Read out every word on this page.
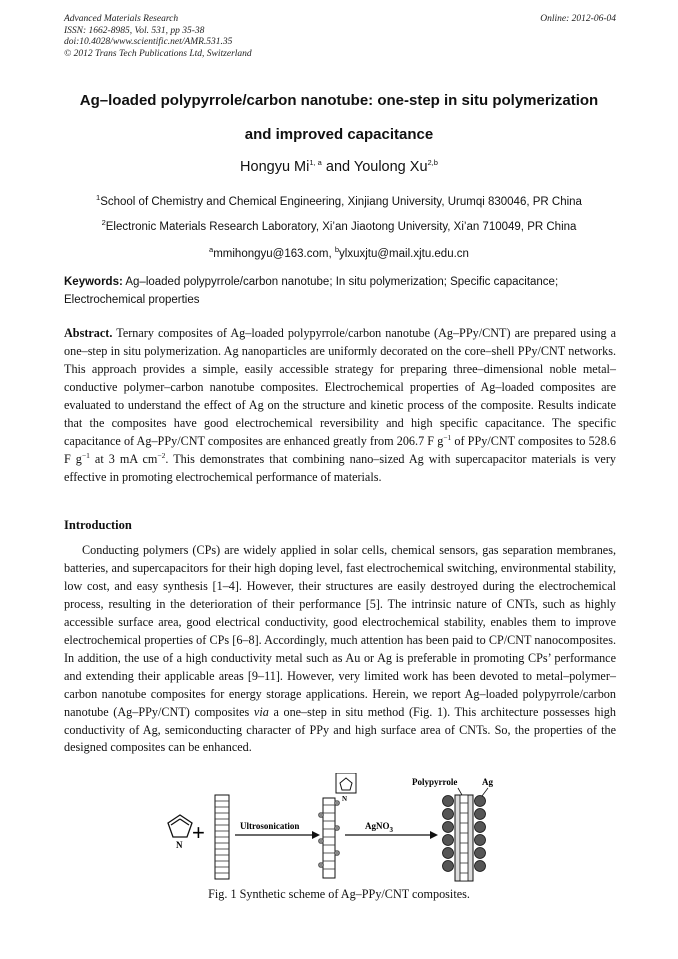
Advanced Materials Research
ISSN: 1662-8985, Vol. 531, pp 35-38
doi:10.4028/www.scientific.net/AMR.531.35
© 2012 Trans Tech Publications Ltd, Switzerland
Online: 2012-06-04
Ag–loaded polypyrrole/carbon nanotube: one-step in situ polymerization
and improved capacitance
Hongyu Mi$^{1, a}$ and Youlong Xu$^{2,b}$
$^1$School of Chemistry and Chemical Engineering, Xinjiang University, Urumqi 830046, PR China
$^2$Electronic Materials Research Laboratory, Xi’an Jiaotong University, Xi’an 710049, PR China
$^a$mmihongyu@163.com, $^b$ylxuxjtu@mail.xjtu.edu.cn
Keywords: Ag–loaded polypyrrole/carbon nanotube; In situ polymerization; Specific capacitance; Electrochemical properties
Abstract. Ternary composites of Ag–loaded polypyrrole/carbon nanotube (Ag–PPy/CNT) are prepared using a one–step in situ polymerization. Ag nanoparticles are uniformly decorated on the core–shell PPy/CNT networks. This approach provides a simple, easily accessible strategy for preparing three–dimensional noble metal–conductive polymer–carbon nanotube composites. Electrochemical properties of Ag–loaded composites are evaluated to understand the effect of Ag on the structure and kinetic process of the composite. Results indicate that the composites have good electrochemical reversibility and high specific capacitance. The specific capacitance of Ag–PPy/CNT composites are enhanced greatly from 206.7 F $g^{-1}$ of PPy/CNT composites to 528.6 F $g^{-1}$ at 3 mA $cm^{-2}$. This demonstrates that combining nano–sized Ag with supercapacitor materials is very effective in promoting electrochemical performance of materials.
Introduction
Conducting polymers (CPs) are widely applied in solar cells, chemical sensors, gas separation membranes, batteries, and supercapacitors for their high doping level, fast electrochemical switching, environmental stability, low cost, and easy synthesis [1–4]. However, their structures are easily destroyed during the electrochemical process, resulting in the deterioration of their performance [5]. The intrinsic nature of CNTs, such as highly accessible surface area, good electrical conductivity, good electrochemical stability, enables them to improve electrochemical properties of CPs [6–8]. Accordingly, much attention has been paid to CP/CNT nanocomposites. In addition, the use of a high conductivity metal such as Au or Ag is preferable in promoting CPs’ performance and extending their applicable areas [9–11]. However, very limited work has been devoted to metal–polymer–carbon nanotube composites for energy storage applications. Herein, we report Ag–loaded polypyrrole/carbon nanotube (Ag–PPy/CNT) composites via a one–step in situ method (Fig. 1). This architecture possesses high conductivity of Ag, semiconducting character of PPy and high surface area of CNTs. So, the properties of the designed composites can be enhanced.
N +	Ultrosonication
N
AgNO$_3$
Polypyrrole	Ag
Fig. 1 Synthetic scheme of Ag–PPy/CNT composites.
